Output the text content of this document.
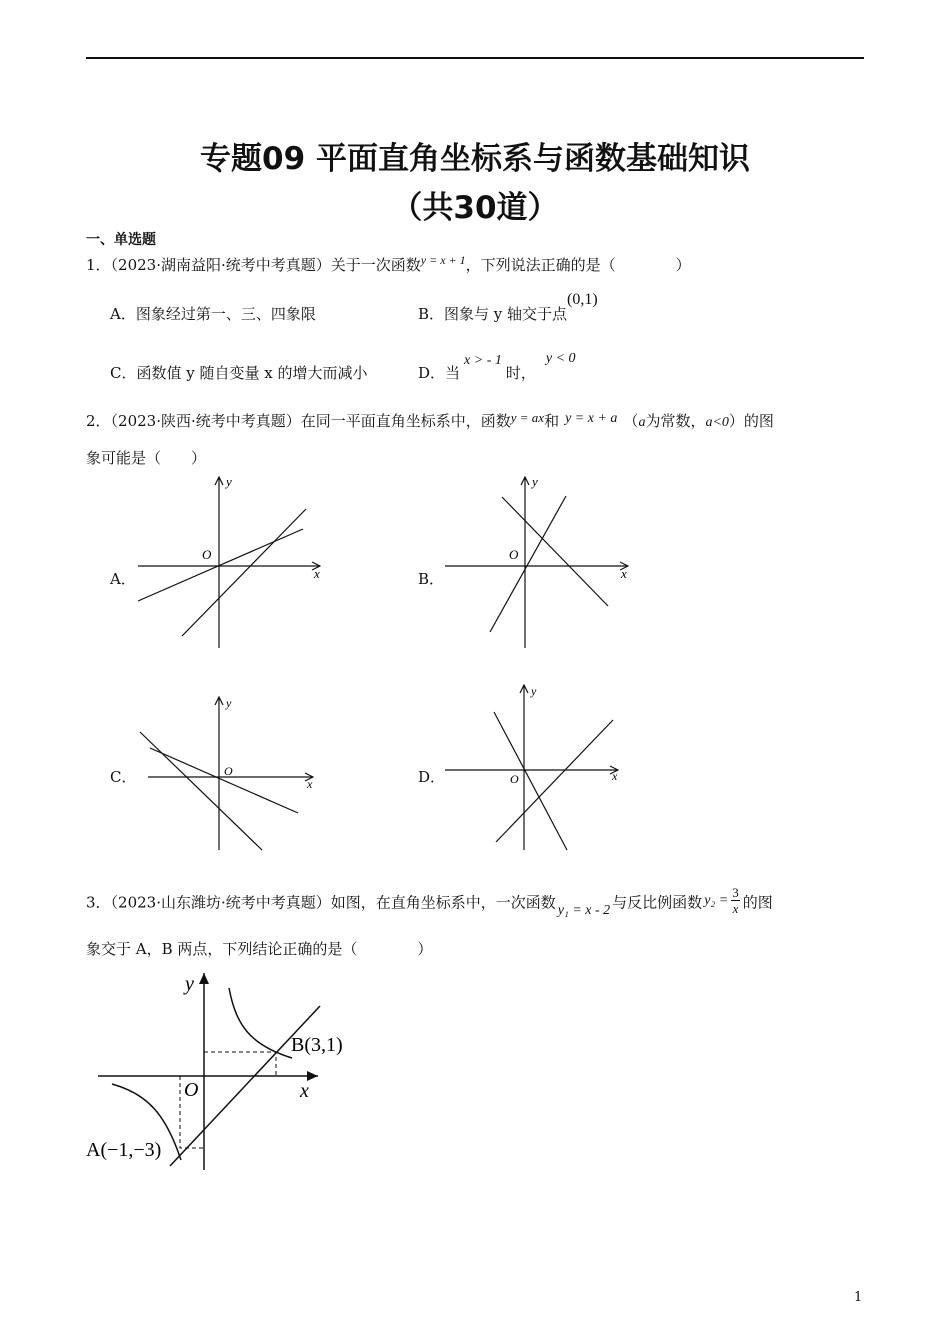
专题09 平面直角坐标系与函数基础知识
（共30道）
一、单选题
1．（2023·湖南益阳·统考中考真题）关于一次函数$^{y = x + 1}$，下列说法正确的是（　　　　）
A．图象经过第一、三、四象限	B．图象与 y 轴交于点(0,1)
C．函数值 y 随自变量 x 的增大而减小	D．当x > - 1时，y < 0
2．（2023·陕西·统考中考真题）在同一平面直角坐标系中，函数y = ax和 y = x + a （a为常数，a<0）的图
象可能是（　　）
A．	B．
C．	D．
x
y
O
x
y
O
x
y
O	x
y
O
x
y
O
B(3,1)
A(−1,−3)
3．（2023·山东潍坊·统考中考真题）如图，在直角坐标系中，一次函数 y₁ = x - 2 与反比例函数 $y_2 = \frac{3}{x}$ 的图
象交于 A，B 两点，下列结论正确的是（　　　　）
1
